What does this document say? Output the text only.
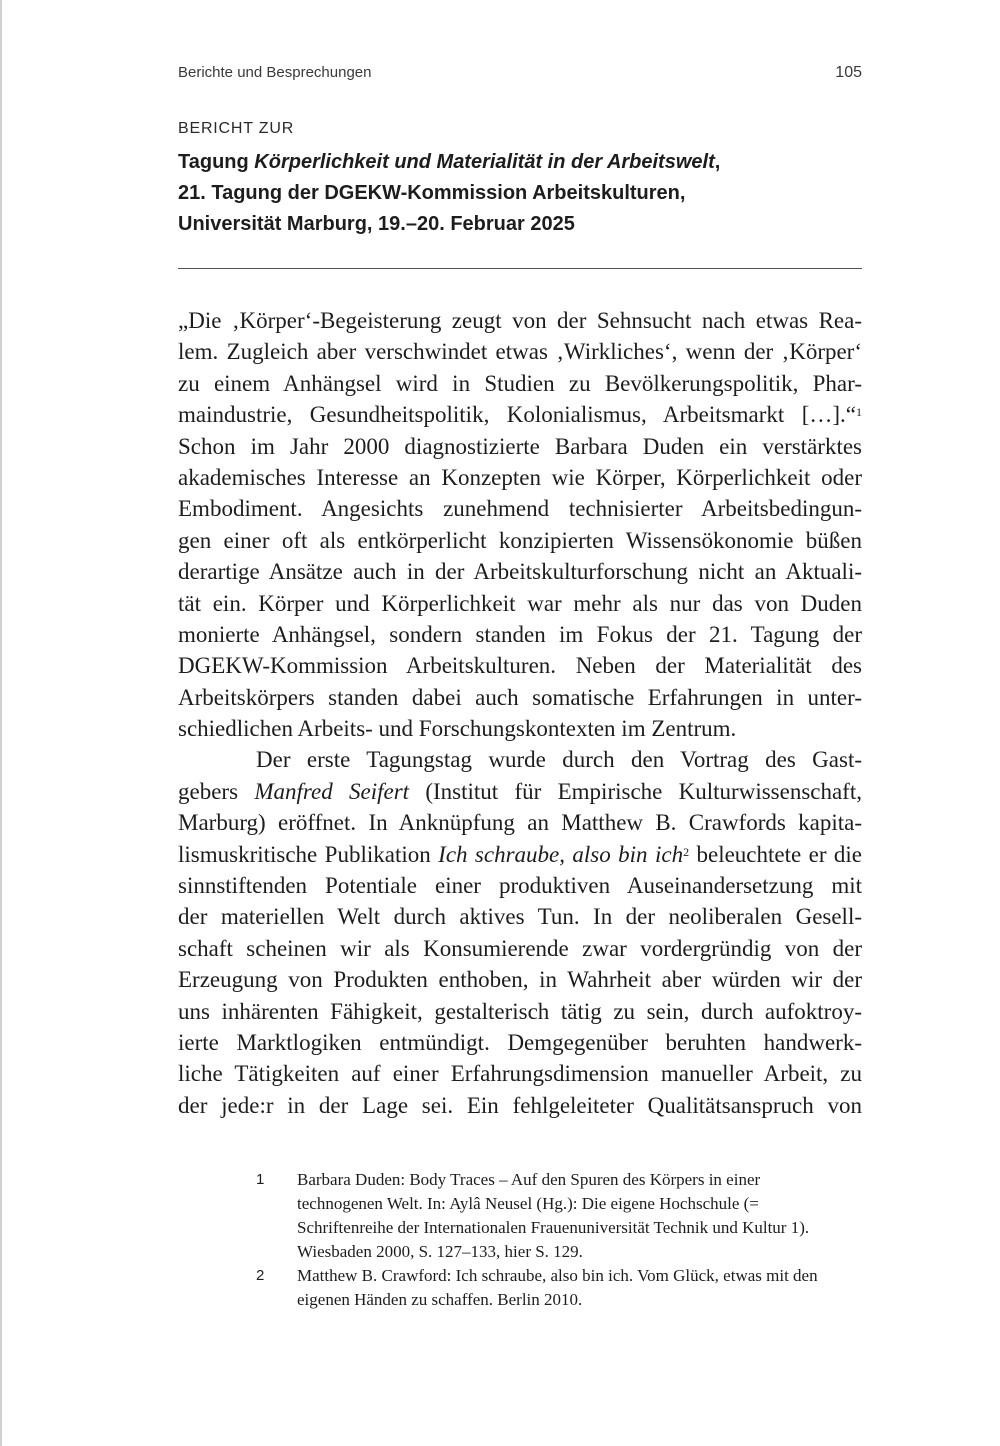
Berichte und Besprechungen	105
BERICHT ZUR
Tagung Körperlichkeit und Materialität in der Arbeitswelt,
21. Tagung der DGEKW-Kommission Arbeitskulturen,
Universität Marburg, 19.–20. Februar 2025
„Die ‚Körper‘-Begeisterung zeugt von der Sehnsucht nach etwas Rea-
lem. Zugleich aber verschwindet etwas ‚Wirkliches‘, wenn der ‚Körper‘
zu einem Anhängsel wird in Studien zu Bevölkerungspolitik, Phar-
maindustrie, Gesundheitspolitik, Kolonialismus, Arbeitsmarkt […].“$^1$
Schon im Jahr 2000 diagnostizierte Barbara Duden ein verstärktes
akademisches Interesse an Konzepten wie Körper, Körperlichkeit oder
Embodiment. Angesichts zunehmend technisierter Arbeitsbedingun-
gen einer oft als entkörperlicht konzipierten Wissensökonomie büßen
derartige Ansätze auch in der Arbeitskulturforschung nicht an Aktuali-
tät ein. Körper und Körperlichkeit war mehr als nur das von Duden
monierte Anhängsel, sondern standen im Fokus der 21. Tagung der
DGEKW-Kommission Arbeitskulturen. Neben der Materialität des
Arbeitskörpers standen dabei auch somatische Erfahrungen in unter-
schiedlichen Arbeits- und Forschungskontexten im Zentrum.
Der erste Tagungstag wurde durch den Vortrag des Gast-
gebers Manfred Seifert (Institut für Empirische Kulturwissenschaft,
Marburg) eröffnet. In Anknüpfung an Matthew B. Crawfords kapita-
lismuskritische Publikation Ich schraube, also bin ich$^2$ beleuchtete er die
sinnstiftenden Potentiale einer produktiven Auseinandersetzung mit
der materiellen Welt durch aktives Tun. In der neoliberalen Gesell-
schaft scheinen wir als Konsumierende zwar vordergründig von der
Erzeugung von Produkten enthoben, in Wahrheit aber würden wir der
uns inhärenten Fähigkeit, gestalterisch tätig zu sein, durch aufoktroy-
ierte Marktlogiken entmündigt. Demgegenüber beruhten handwerk-
liche Tätigkeiten auf einer Erfahrungsdimension manueller Arbeit, zu
der jede:r in der Lage sei. Ein fehlgeleiteter Qualitätsanspruch von
1 Barbara Duden: Body Traces – Auf den Spuren des Körpers in einer technogenen Welt. In: Aylâ Neusel (Hg.): Die eigene Hochschule (= Schriftenreihe der Internationalen Frauenuniversität Technik und Kultur 1). Wiesbaden 2000, S. 127–133, hier S. 129.
2 Matthew B. Crawford: Ich schraube, also bin ich. Vom Glück, etwas mit den eigenen Händen zu schaffen. Berlin 2010.
